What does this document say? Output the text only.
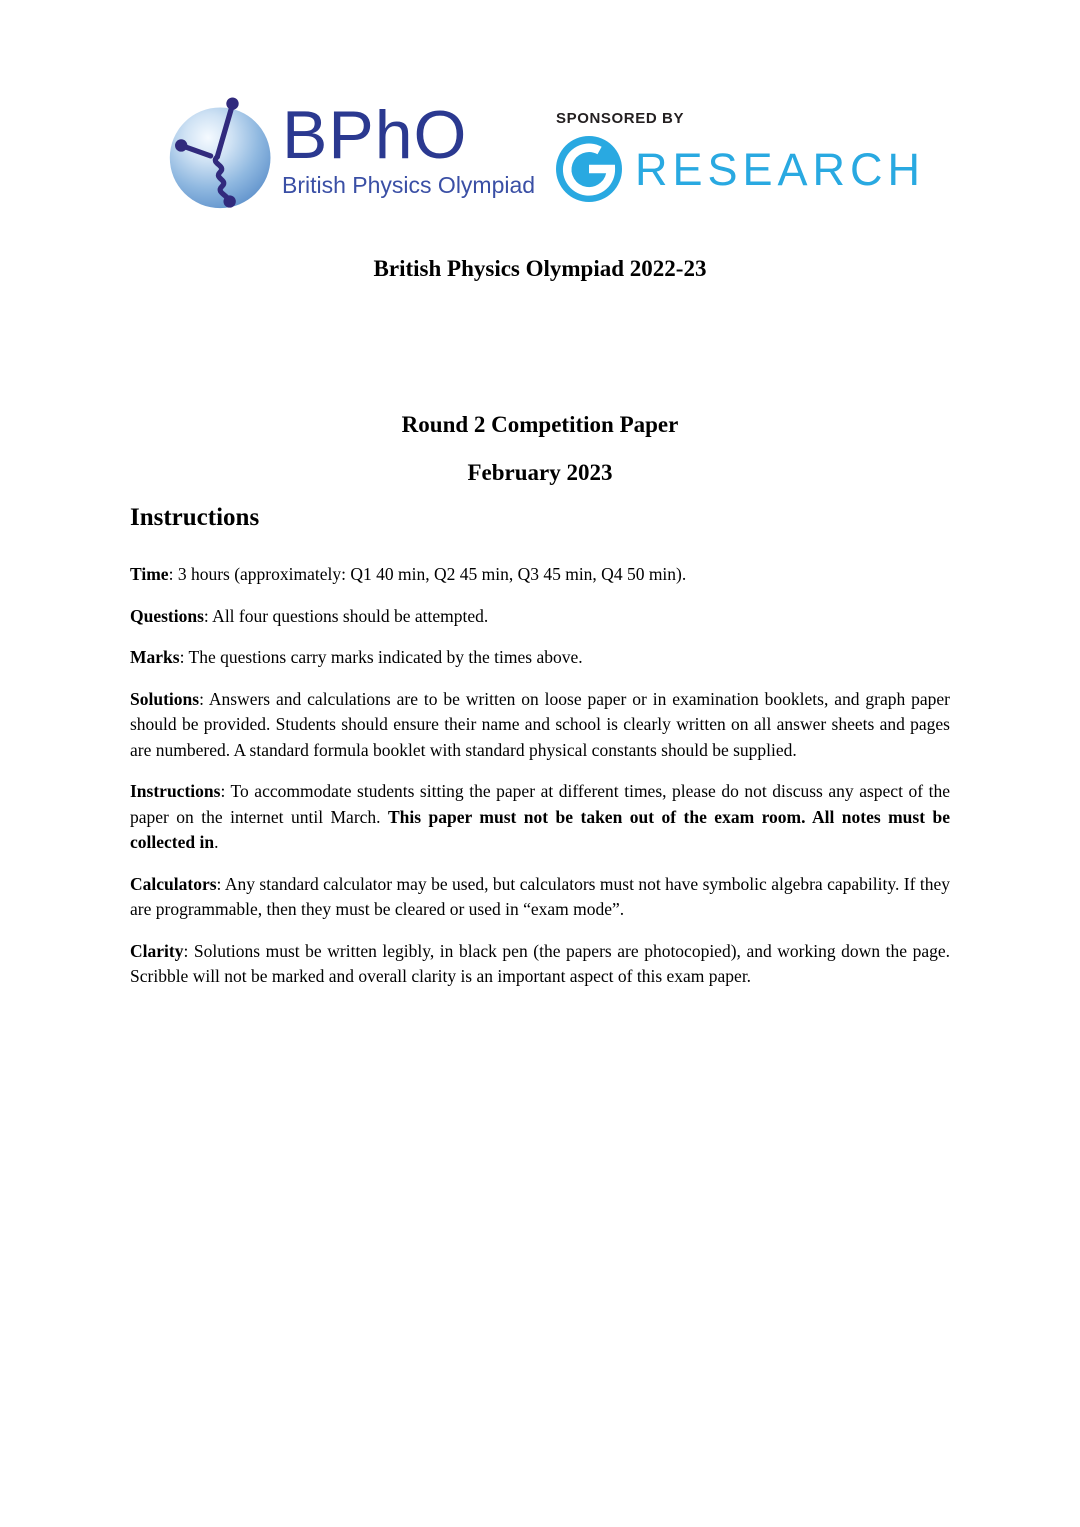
BPhO
British Physics Olympiad
SPONSORED BY
RESEARCH
British Physics Olympiad 2022-23
Round 2 Competition Paper
February 2023
Instructions

Time: 3 hours (approximately: Q1 40 min, Q2 45 min, Q3 45 min, Q4 50 min).

Questions: All four questions should be attempted.

Marks: The questions carry marks indicated by the times above.

Solutions: Answers and calculations are to be written on loose paper or in examination booklets, and graph paper should be provided. Students should ensure their name and school is clearly written on all answer sheets and pages are numbered. A standard formula booklet with standard physical constants should be supplied.

Instructions: To accommodate students sitting the paper at different times, please do not discuss any aspect of the paper on the internet until March. This paper must not be taken out of the exam room. All notes must be collected in.

Calculators: Any standard calculator may be used, but calculators must not have symbolic algebra capability. If they are programmable, then they must be cleared or used in “exam mode”.

Clarity: Solutions must be written legibly, in black pen (the papers are photocopied), and working down the page. Scribble will not be marked and overall clarity is an important aspect of this exam paper.
